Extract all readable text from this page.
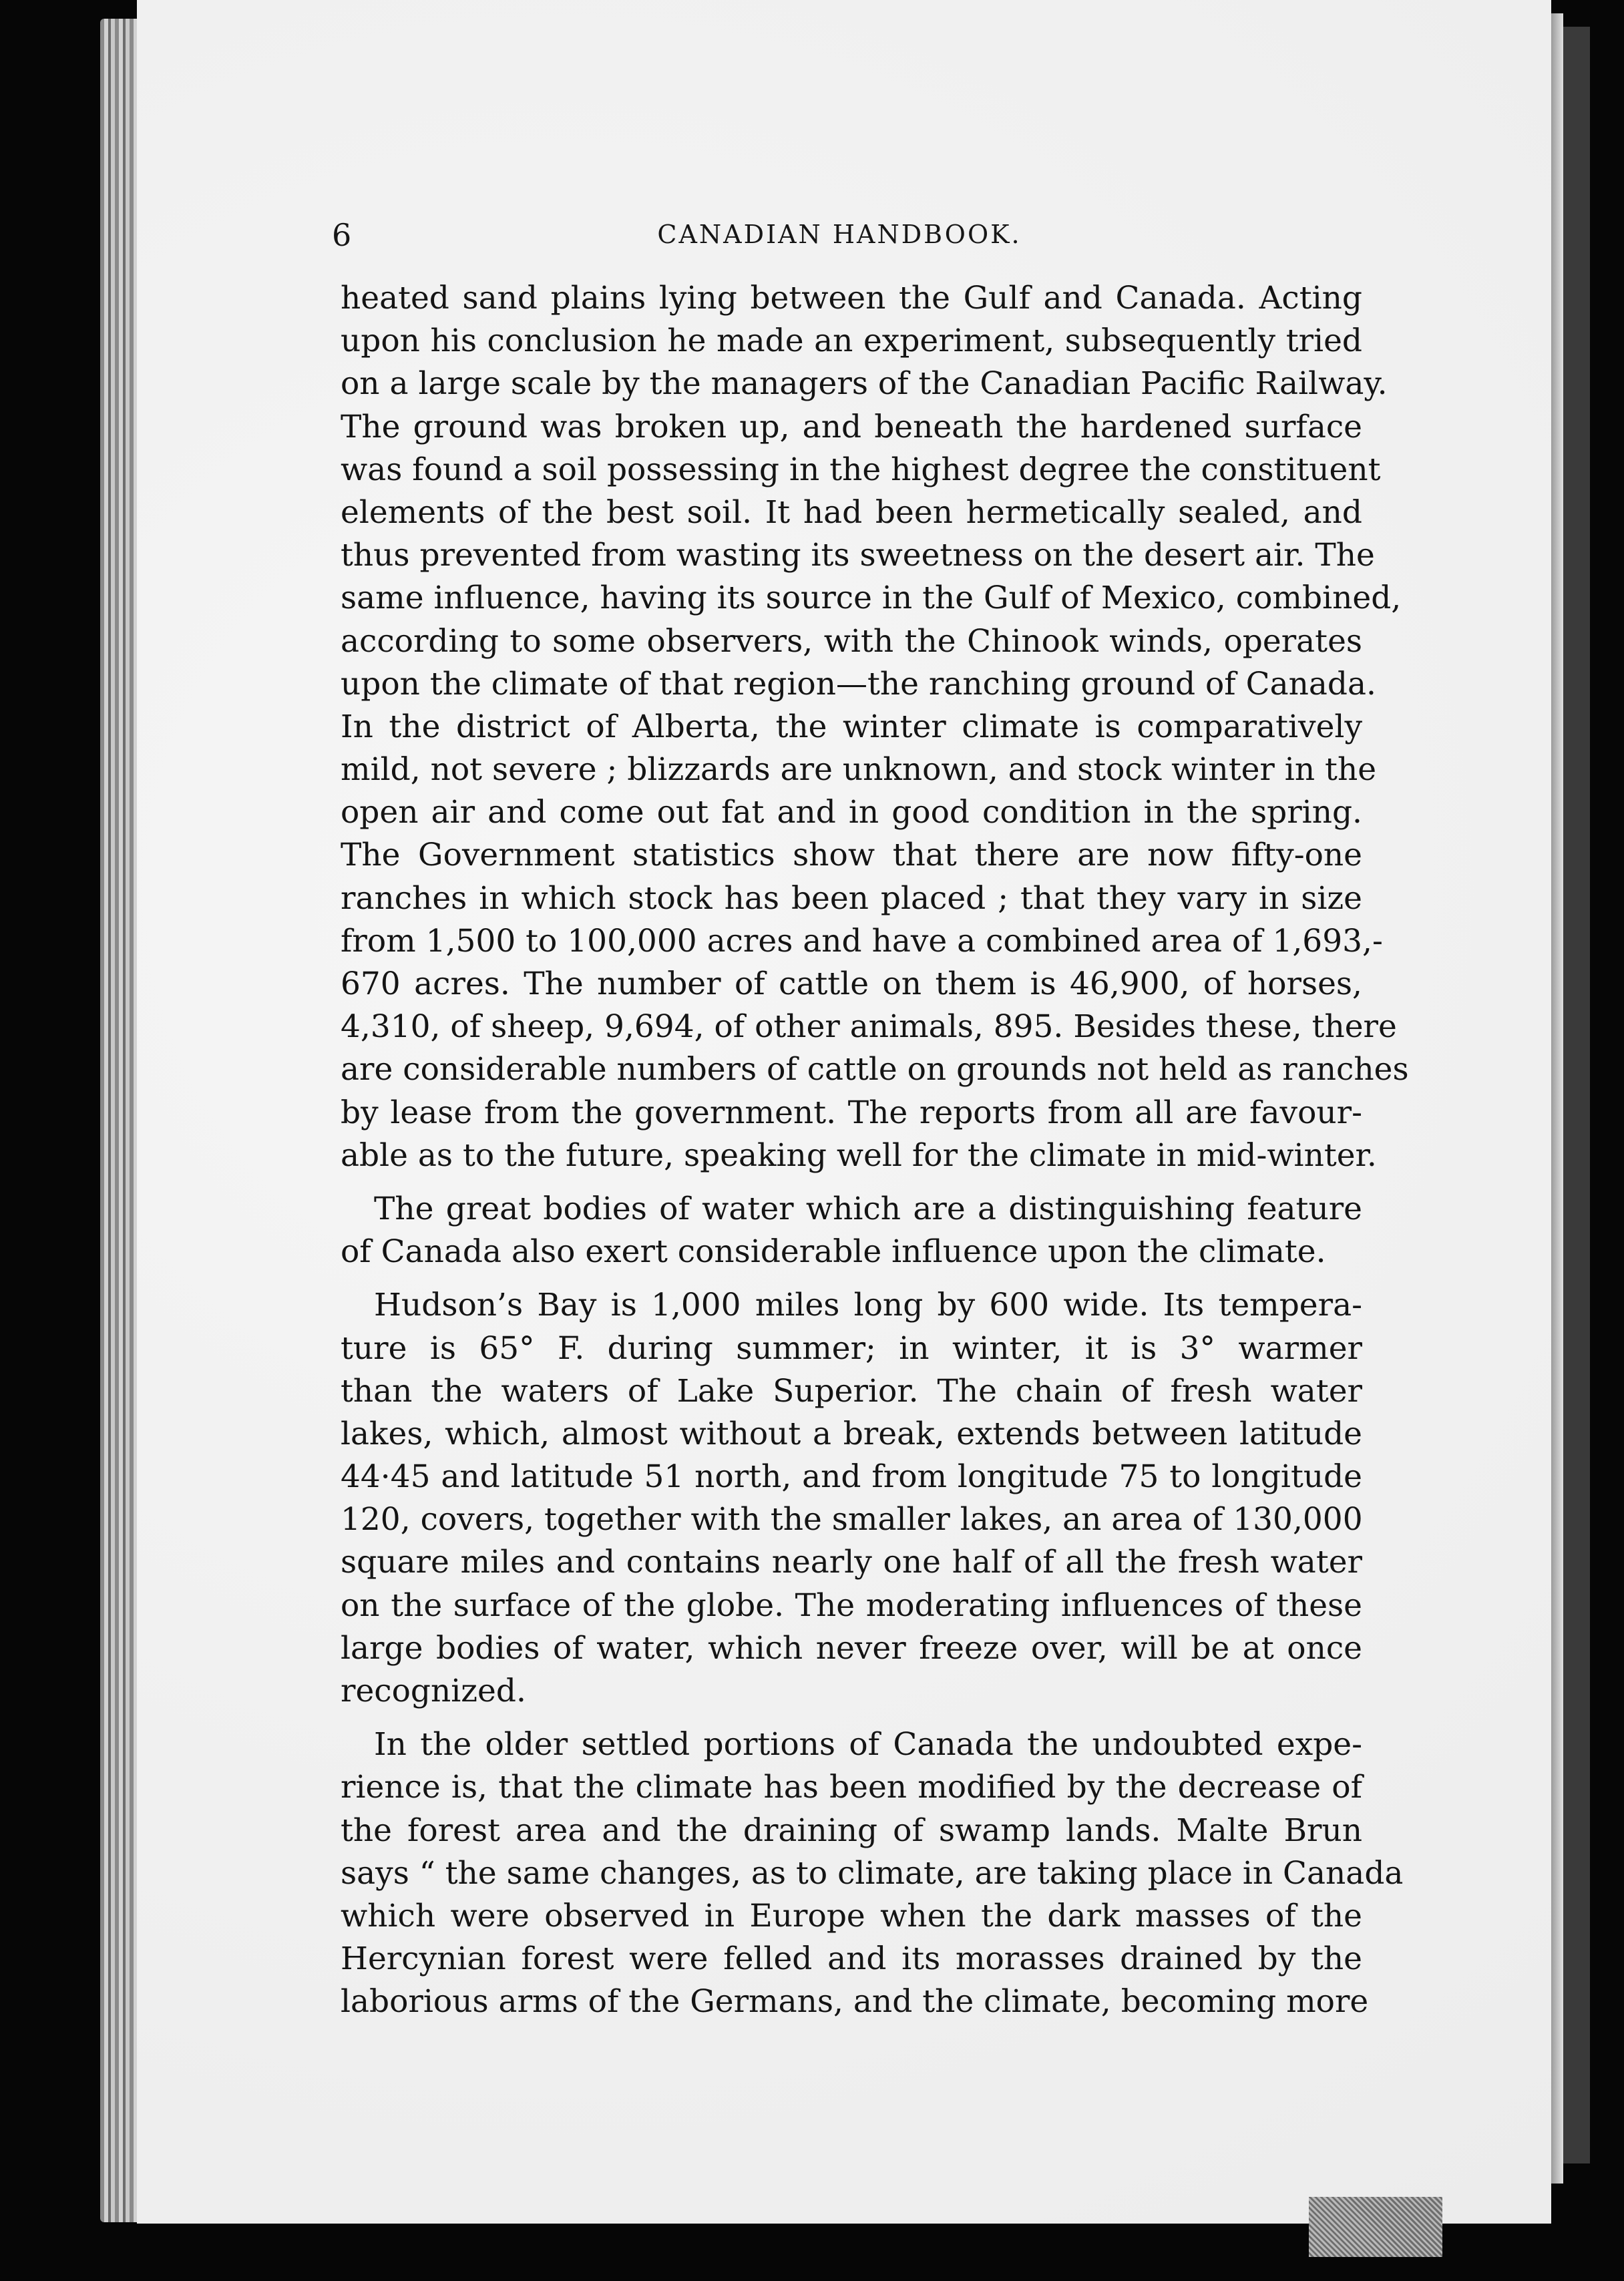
6	CANADIAN HANDBOOK.
heated sand plains lying between the Gulf and Canada. Acting
upon his conclusion he made an experiment, subsequently tried
on a large scale by the managers of the Canadian Pacific Railway.
The ground was broken up, and beneath the hardened surface
was found a soil possessing in the highest degree the constituent
elements of the best soil. It had been hermetically sealed, and
thus prevented from wasting its sweetness on the desert air. The
same influence, having its source in the Gulf of Mexico, combined,
according to some observers, with the Chinook winds, operates
upon the climate of that region—the ranching ground of Canada.
In the district of Alberta, the winter climate is comparatively
mild, not severe ; blizzards are unknown, and stock winter in the
open air and come out fat and in good condition in the spring.
The Government statistics show that there are now fifty-one
ranches in which stock has been placed ; that they vary in size
from 1,500 to 100,000 acres and have a combined area of 1,693,-
670 acres. The number of cattle on them is 46,900, of horses,
4,310, of sheep, 9,694, of other animals, 895. Besides these, there
are considerable numbers of cattle on grounds not held as ranches
by lease from the government. The reports from all are favour-
able as to the future, speaking well for the climate in mid-winter.
The great bodies of water which are a distinguishing feature
of Canada also exert considerable influence upon the climate.
Hudson’s Bay is 1,000 miles long by 600 wide. Its tempera-
ture is 65° F. during summer; in winter, it is 3° warmer
than the waters of Lake Superior. The chain of fresh water
lakes, which, almost without a break, extends between latitude
44·45 and latitude 51 north, and from longitude 75 to longitude
120, covers, together with the smaller lakes, an area of 130,000
square miles and contains nearly one half of all the fresh water
on the surface of the globe. The moderating influences of these
large bodies of water, which never freeze over, will be at once
recognized.
In the older settled portions of Canada the undoubted expe-
rience is, that the climate has been modified by the decrease of
the forest area and the draining of swamp lands. Malte Brun
says “ the same changes, as to climate, are taking place in Canada
which were observed in Europe when the dark masses of the
Hercynian forest were felled and its morasses drained by the
laborious arms of the Germans, and the climate, becoming more
